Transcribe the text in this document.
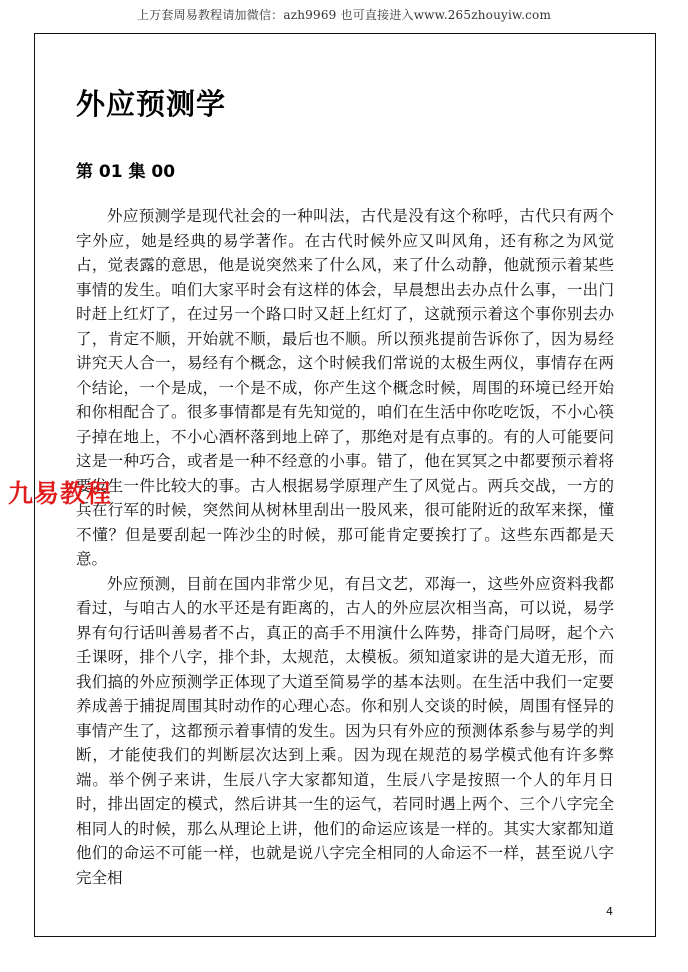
上万套周易教程请加微信：azh9969 也可直接进入www.265zhouyiw.com
外应预测学
第 01 集 00

外应预测学是现代社会的一种叫法，古代是没有这个称呼，古代只有两个字外应，她是经典的易学著作。在古代时候外应又叫风角，还有称之为风觉占，觉表露的意思，他是说突然来了什么风，来了什么动静，他就预示着某些事情的发生。咱们大家平时会有这样的体会，早晨想出去办点什么事，一出门时赶上红灯了，在过另一个路口时又赶上红灯了，这就预示着这个事你别去办了，肯定不顺，开始就不顺，最后也不顺。所以预兆提前告诉你了，因为易经讲究天人合一，易经有个概念，这个时候我们常说的太极生两仪，事情存在两个结论，一个是成，一个是不成，你产生这个概念时候，周围的环境已经开始和你相配合了。很多事情都是有先知觉的，咱们在生活中你吃吃饭，不小心筷子掉在地上，不小心酒杯落到地上碎了，那绝对是有点事的。有的人可能要问这是一种巧合，或者是一种不经意的小事。错了，他在冥冥之中都要预示着将要发生一件比较大的事。古人根据易学原理产生了风觉占。两兵交战，一方的兵在行军的时候，突然间从树林里刮出一股风来，很可能附近的敌军来探，懂不懂？但是要刮起一阵沙尘的时候，那可能肯定要挨打了。这些东西都是天意。

外应预测，目前在国内非常少见，有吕文艺，邓海一，这些外应资料我都看过，与咱古人的水平还是有距离的，古人的外应层次相当高，可以说，易学界有句行话叫善易者不占，真正的高手不用演什么阵势，排奇门局呀，起个六壬课呀，排个八字，排个卦，太规范，太模板。须知道家讲的是大道无形，而我们搞的外应预测学正体现了大道至简易学的基本法则。在生活中我们一定要养成善于捕捉周围其时动作的心理心态。你和别人交谈的时候，周围有怪异的事情产生了，这都预示着事情的发生。因为只有外应的预测体系参与易学的判断，才能使我们的判断层次达到上乘。因为现在规范的易学模式他有许多弊端。举个例子来讲，生辰八字大家都知道，生辰八字是按照一个人的年月日时，排出固定的模式，然后讲其一生的运气，若同时遇上两个、三个八字完全相同人的时候，那么从理论上讲，他们的命运应该是一样的。其实大家都知道他们的命运不可能一样，也就是说八字完全相同的人命运不一样，甚至说八字完全相

九易教程
4
